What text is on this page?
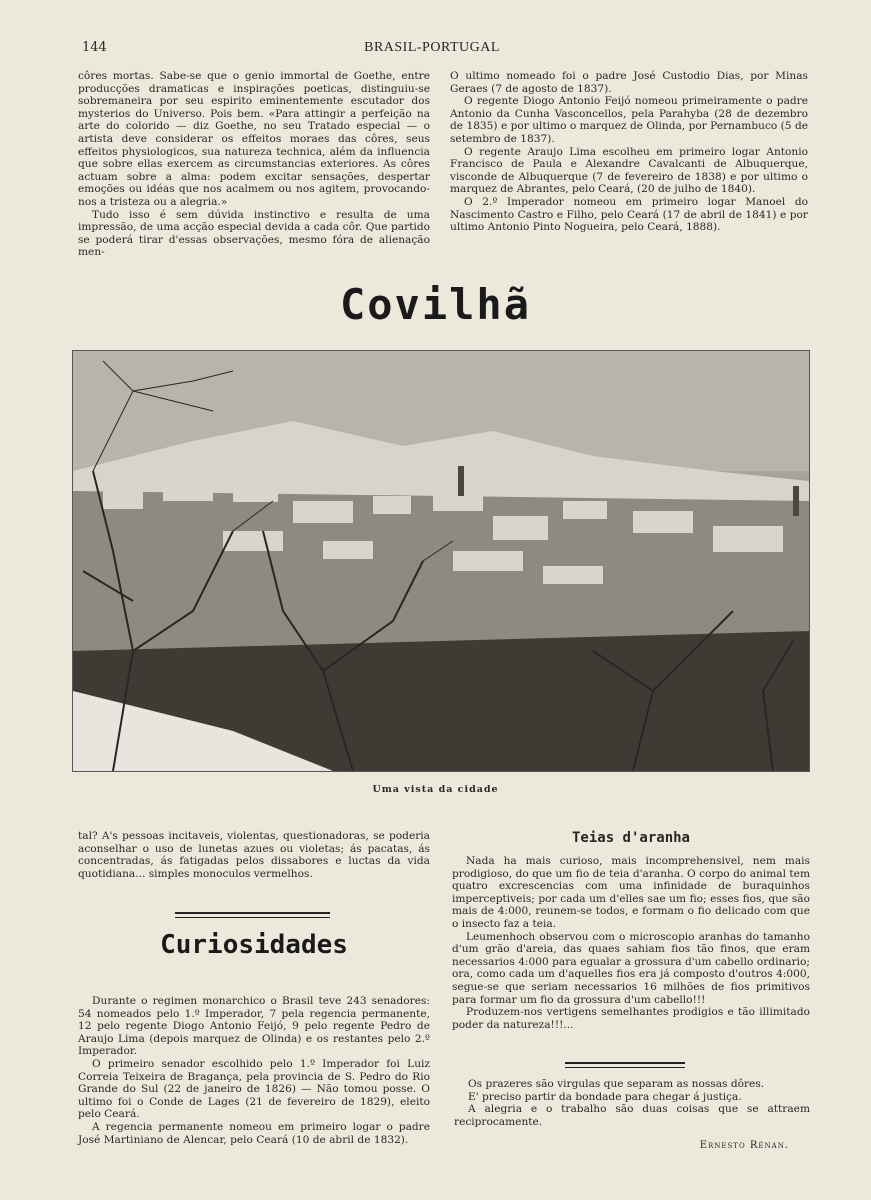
144	BRASIL-PORTUGAL

côres mortas. Sabe-se que o genio immortal de Goethe, entre producções dramaticas e inspirações poeticas, distinguiu-se sobremaneira por seu espirito eminentemente escutador dos mysterios do Universo. Pois bem. «Para attingir a perfeição na arte do colorido — diz Goethe, no seu Tratado especial — o artista deve considerar os effeitos moraes das côres, seus effeitos physiologicos, sua natureza technica, além da influencia que sobre ellas exercem as circumstancias exteriores. As côres actuam sobre a alma: podem excitar sensações, despertar emoções ou idéas que nos acalmem ou nos agitem, provocando-nos a tristeza ou a alegria.»

Tudo isso é sem dúvida instinctivo e resulta de uma impressão, de uma acção especial devida a cada côr. Que partido se poderá tirar d'essas observações, mesmo fóra de alienação men-

O ultimo nomeado foi o padre José Custodio Dias, por Minas Geraes (7 de agosto de 1837).

O regente Diogo Antonio Feijó nomeou primeiramente o padre Antonio da Cunha Vasconcellos, pela Parahyba (28 de dezembro de 1835) e por ultimo o marquez de Olinda, por Pernambuco (5 de setembro de 1837).

O regente Araujo Lima escolheu em primeiro logar Antonio Francisco de Paula e Alexandre Cavalcanti de Albuquerque, visconde de Albuquerque (7 de fevereiro de 1838) e por ultimo o marquez de Abrantes, pelo Ceará, (20 de julho de 1840).

O 2.º Imperador nomeou em primeiro logar Manoel do Nascimento Castro e Filho, pelo Ceará (17 de abril de 1841) e por ultimo Antonio Pinto Nogueira, pelo Ceará, 1888).

Covilhã
Uma vista da cidade

tal? A's pessoas incitaveis, violentas, questionadoras, se poderia aconselhar o uso de lunetas azues ou violetas; ás pacatas, ás concentradas, ás fatigadas pelos dissabores e luctas da vida quotidiana... simples monoculos vermelhos.

Curiosidades

Durante o regimen monarchico o Brasil teve 243 senadores: 54 nomeados pelo 1.º Imperador, 7 pela regencia permanente, 12 pelo regente Diogo Antonio Feijó, 9 pelo regente Pedro de Araujo Lima (depois marquez de Olinda) e os restantes pelo 2.º Imperador.

O primeiro senador escolhido pelo 1.º Imperador foi Luiz Correia Teixeira de Bragança, pela provincia de S. Pedro do Rio Grande do Sul (22 de janeiro de 1826) — Não tomou posse. O ultimo foi o Conde de Lages (21 de fevereiro de 1829), eleito pelo Ceará.

A regencia permanente nomeou em primeiro logar o padre José Martiniano de Alencar, pelo Ceará (10 de abril de 1832).

Teias d'aranha

Nada ha mais curioso, mais incomprehensivel, nem mais prodigioso, do que um fio de teia d'aranha. O corpo do animal tem quatro excrescencias com uma infinidade de buraquinhos imperceptiveis; por cada um d'elles sae um fio; esses fios, que são mais de 4:000, reunem-se todos, e formam o fio delicado com que o insecto faz a teia.

Leumenhoch observou com o microscopio aranhas do tamanho d'um grão d'areia, das quaes sahiam fios tão finos, que eram necessarios 4:000 para egualar a grossura d'um cabello ordinario; ora, como cada um d'aquelles fios era já composto d'outros 4:000, segue-se que seriam necessarios 16 milhões de fios primitivos para formar um fio da grossura d'um cabello!!!

Produzem-nos vertigens semelhantes prodigios e tão illimitado poder da natureza!!!...

Os prazeres são virgulas que separam as nossas dôres.

E' preciso partir da bondade para chegar á justiça.

A alegria e o trabalho são duas coisas que se attraem reciprocamente.

Ernesto Rénan.
